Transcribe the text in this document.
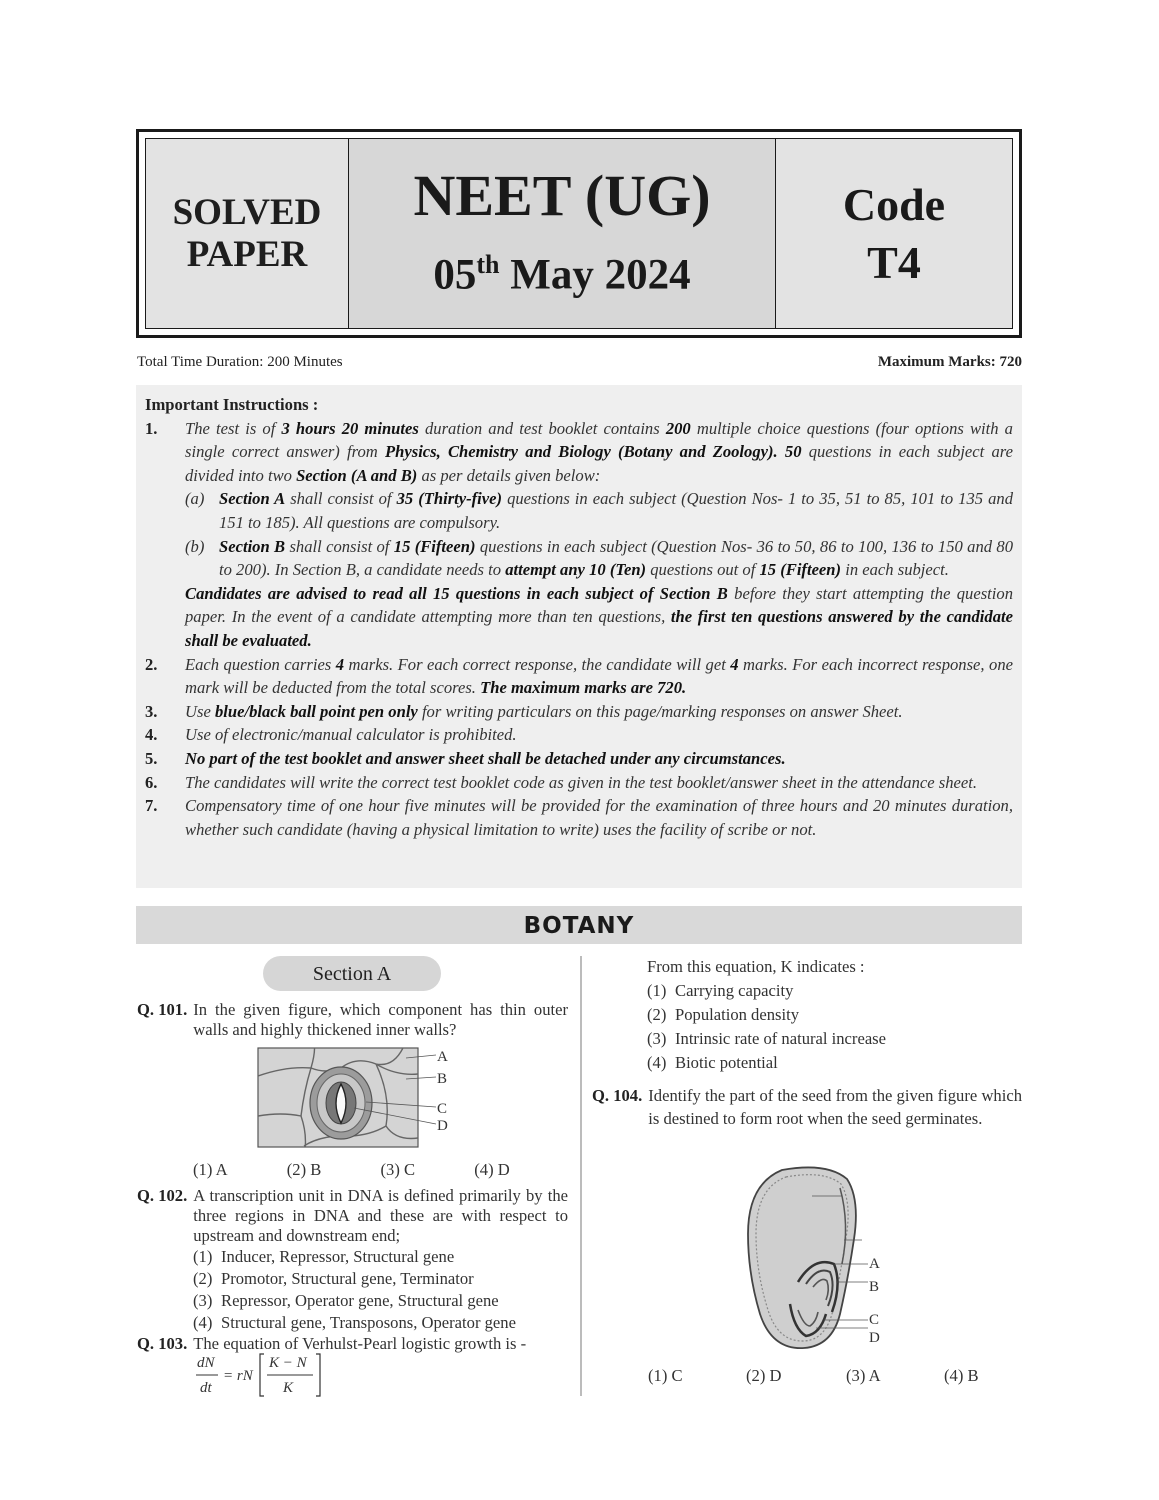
SOLVED
PAPER
NEET (UG)
05th May 2024
Code
T4
Total Time Duration: 200 Minutes	Maximum Marks: 720
Important Instructions :
1.	The test is of 3 hours 20 minutes duration and test booklet contains 200 multiple choice questions (four options with a single correct answer) from Physics, Chemistry and Biology (Botany and Zoology). 50 questions in each subject are divided into two Section (A and B) as per details given below:
(a) Section A shall consist of 35 (Thirty-five) questions in each subject (Question Nos- 1 to 35, 51 to 85, 101 to 135 and 151 to 185). All questions are compulsory.
(b) Section B shall consist of 15 (Fifteen) questions in each subject (Question Nos- 36 to 50, 86 to 100, 136 to 150 and 80 to 200). In Section B, a candidate needs to attempt any 10 (Ten) questions out of 15 (Fifteen) in each subject.
Candidates are advised to read all 15 questions in each subject of Section B before they start attempting the question paper. In the event of a candidate attempting more than ten questions, the first ten questions answered by the candidate shall be evaluated.
2.	Each question carries 4 marks. For each correct response, the candidate will get 4 marks. For each incorrect response, one mark will be deducted from the total scores. The maximum marks are 720.
3.	Use blue/black ball point pen only for writing particulars on this page/marking responses on answer Sheet.
4.	Use of electronic/manual calculator is prohibited.
5.	No part of the test booklet and answer sheet shall be detached under any circumstances.
6.	The candidates will write the correct test booklet code as given in the test booklet/answer sheet in the attendance sheet.
7.	Compensatory time of one hour five minutes will be provided for the examination of three hours and 20 minutes duration, whether such candidate (having a physical limitation to write) uses the facility of scribe or not.
BOTANY
Section A
Q. 101. In the given figure, which component has thin outer walls and highly thickened inner walls?
A
B
C
D
(1) A	(2) B	(3) C	(4) D
Q. 102. A transcription unit in DNA is defined primarily by the three regions in DNA and these are with respect to upstream and downstream end;
(1) Inducer, Repressor, Structural gene
(2) Promotor, Structural gene, Terminator
(3) Repressor, Operator gene, Structural gene
(4) Structural gene, Transposons, Operator gene
Q. 103. The equation of Verhulst-Pearl logistic growth is -
dN
dt
= rN
K − N
K
From this equation, K indicates :
(1) Carrying capacity
(2) Population density
(3) Intrinsic rate of natural increase
(4) Biotic potential
Q. 104. Identify the part of the seed from the given figure which is destined to form root when the seed germinates.
A
B
C
D
(1) C	(2) D	(3) A	(4) B
